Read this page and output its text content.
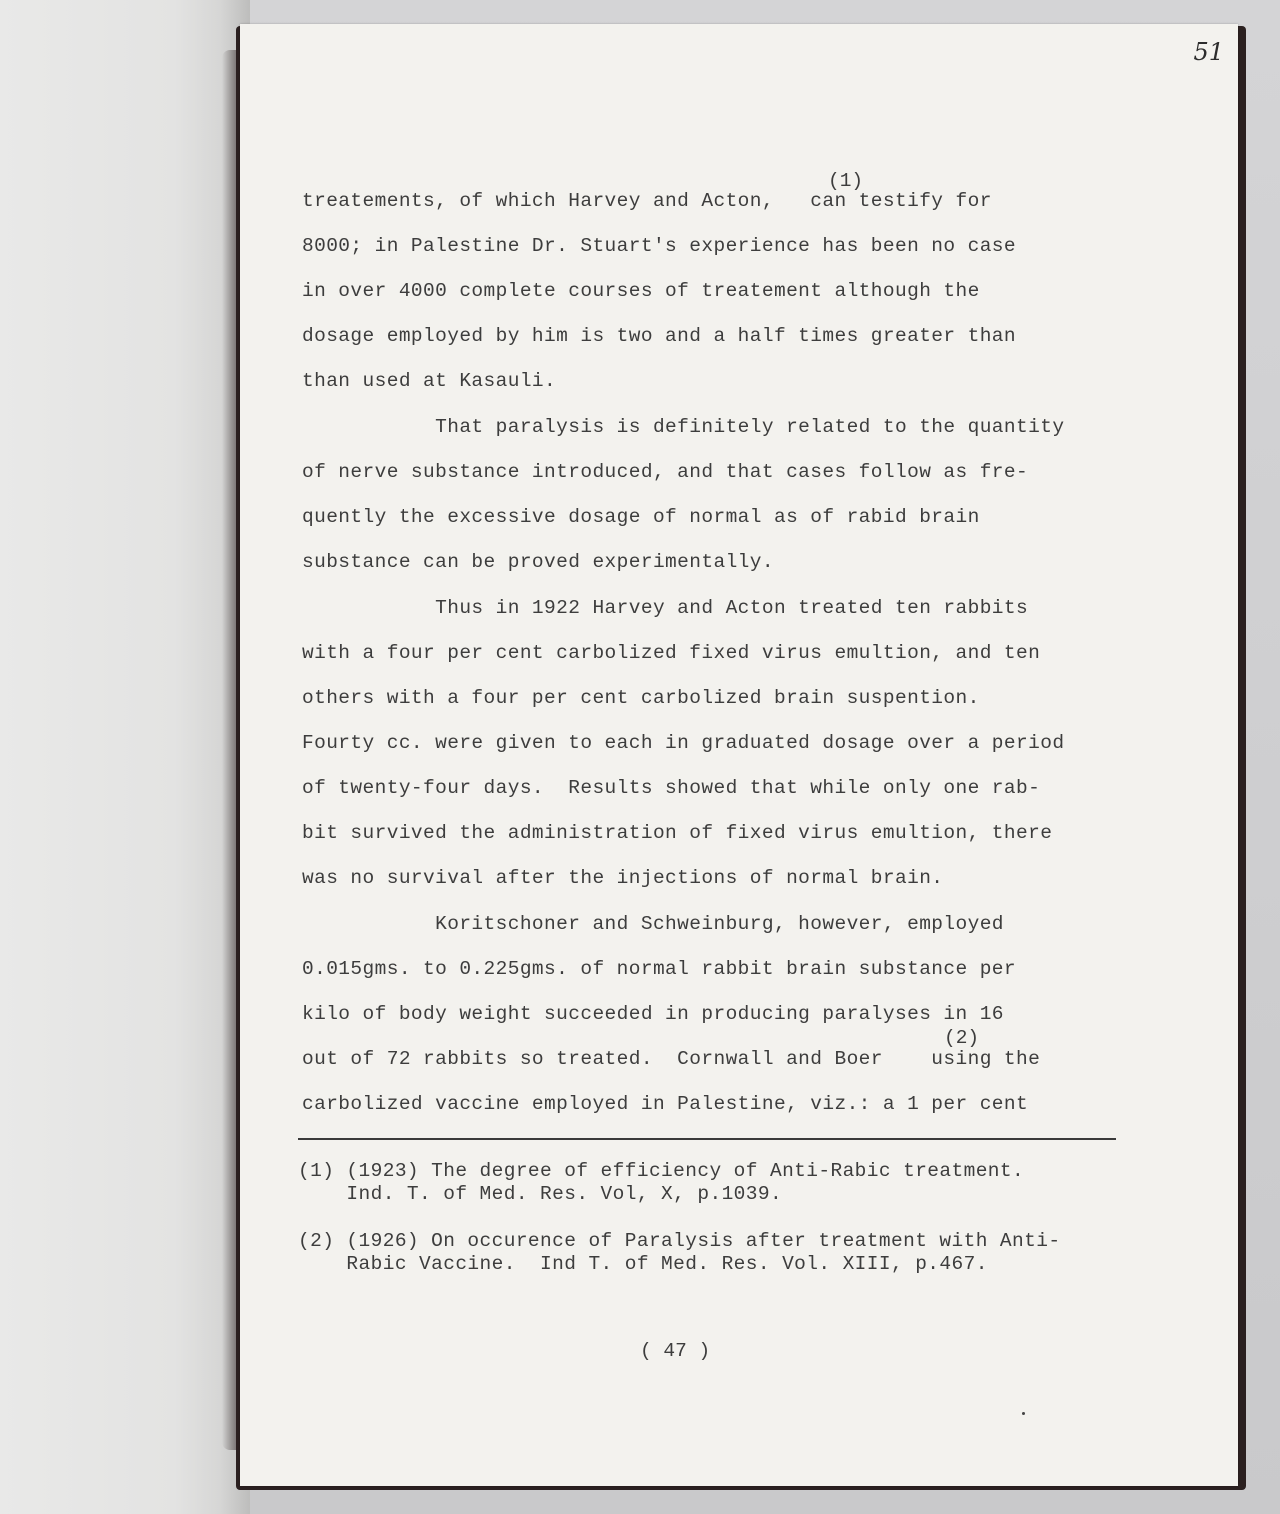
51
(1)
(2)
treatements, of which Harvey and Acton,   can testify for
8000; in Palestine Dr. Stuart's experience has been no case
in over 4000 complete courses of treatement although the
dosage employed by him is two and a half times greater than
than used at Kasauli.
That paralysis is definitely related to the quantity
of nerve substance introduced, and that cases follow as fre-
quently the excessive dosage of normal as of rabid brain
substance can be proved experimentally.
Thus in 1922 Harvey and Acton treated ten rabbits
with a four per cent carbolized fixed virus emultion, and ten
others with a four per cent carbolized brain suspention.
Fourty cc. were given to each in graduated dosage over a period
of twenty-four days.  Results showed that while only one rab-
bit survived the administration of fixed virus emultion, there
was no survival after the injections of normal brain.
Koritschoner and Schweinburg, however, employed
0.015gms. to 0.225gms. of normal rabbit brain substance per
kilo of body weight succeeded in producing paralyses in 16
out of 72 rabbits so treated.  Cornwall and Boer    using the
carbolized vaccine employed in Palestine, viz.: a 1 per cent
(1) (1923) The degree of efficiency of Anti-Rabic treatment.
Ind. T. of Med. Res. Vol, X, p.1039.
(2) (1926) On occurence of Paralysis after treatment with Anti-
Rabic Vaccine.  Ind T. of Med. Res. Vol. XIII, p.467.
( 47 )
